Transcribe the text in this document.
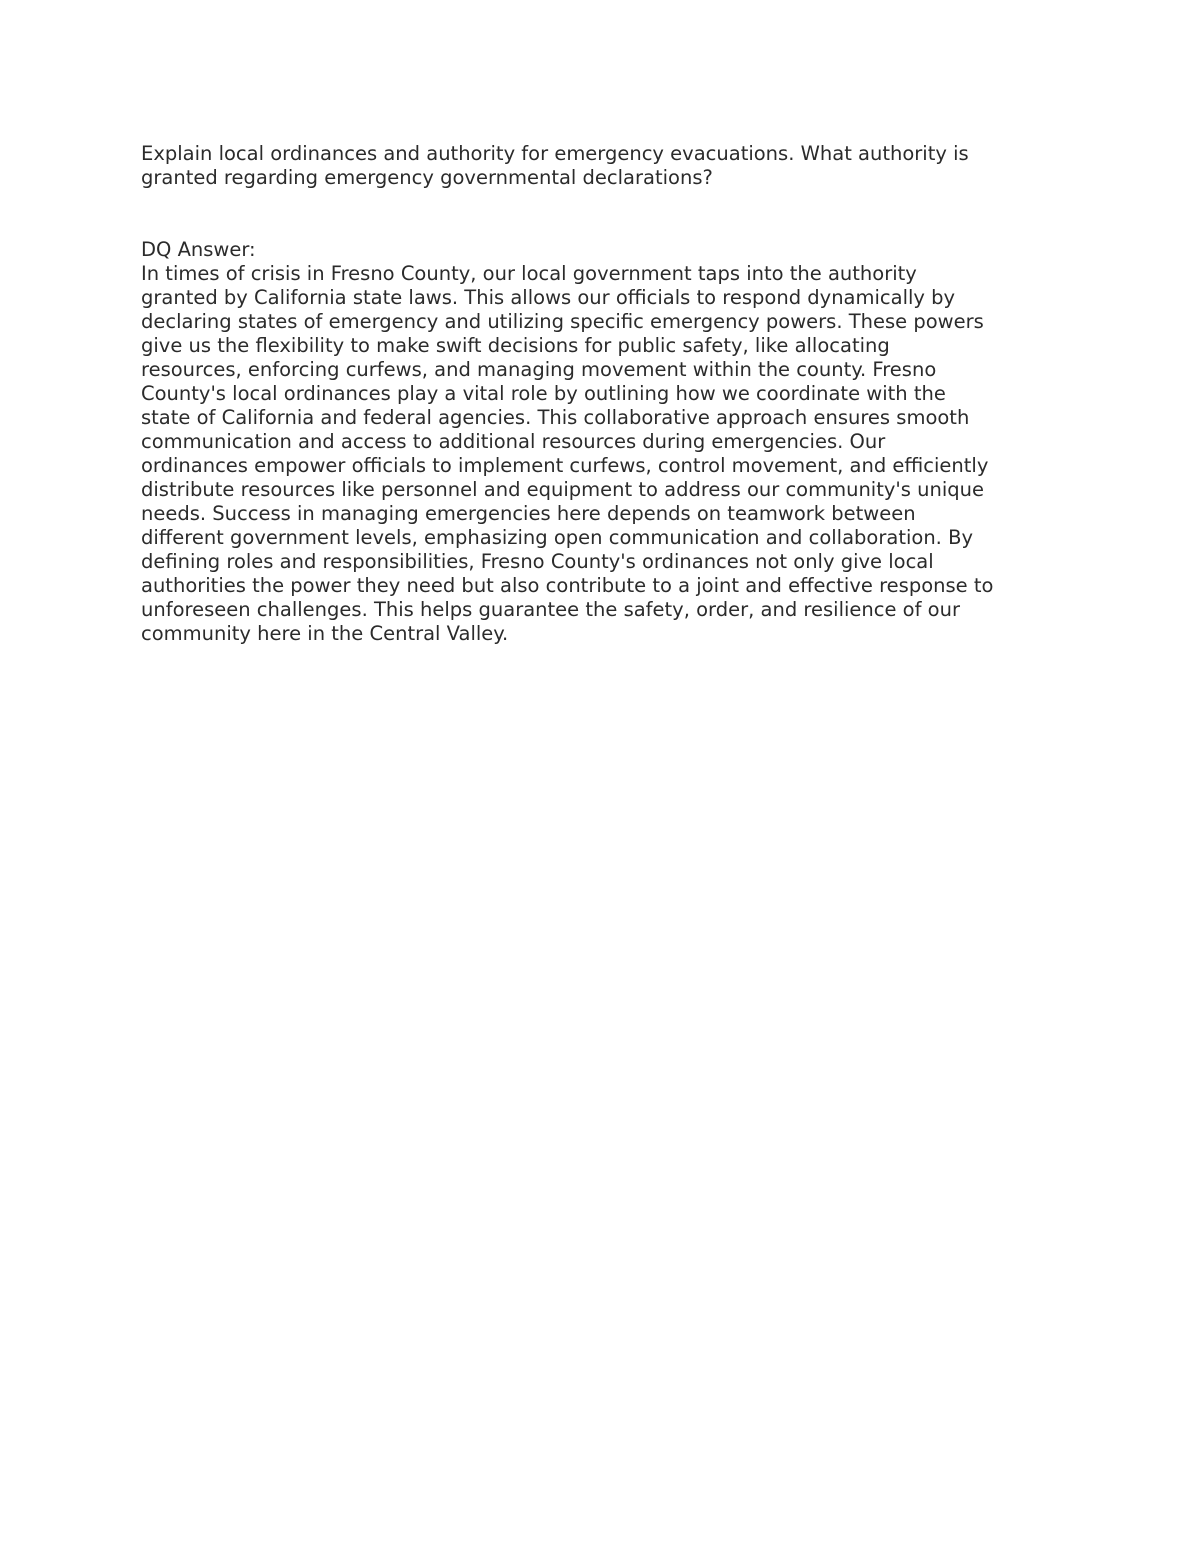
Explain local ordinances and authority for emergency evacuations. What authority is
granted regarding emergency governmental declarations?

DQ Answer:

In times of crisis in Fresno County, our local government taps into the authority
granted by California state laws. This allows our officials to respond dynamically by
declaring states of emergency and utilizing specific emergency powers. These powers
give us the flexibility to make swift decisions for public safety, like allocating
resources, enforcing curfews, and managing movement within the county. Fresno
County's local ordinances play a vital role by outlining how we coordinate with the
state of California and federal agencies. This collaborative approach ensures smooth
communication and access to additional resources during emergencies. Our
ordinances empower officials to implement curfews, control movement, and efficiently
distribute resources like personnel and equipment to address our community's unique
needs. Success in managing emergencies here depends on teamwork between
different government levels, emphasizing open communication and collaboration. By
defining roles and responsibilities, Fresno County's ordinances not only give local
authorities the power they need but also contribute to a joint and effective response to
unforeseen challenges. This helps guarantee the safety, order, and resilience of our
community here in the Central Valley.
